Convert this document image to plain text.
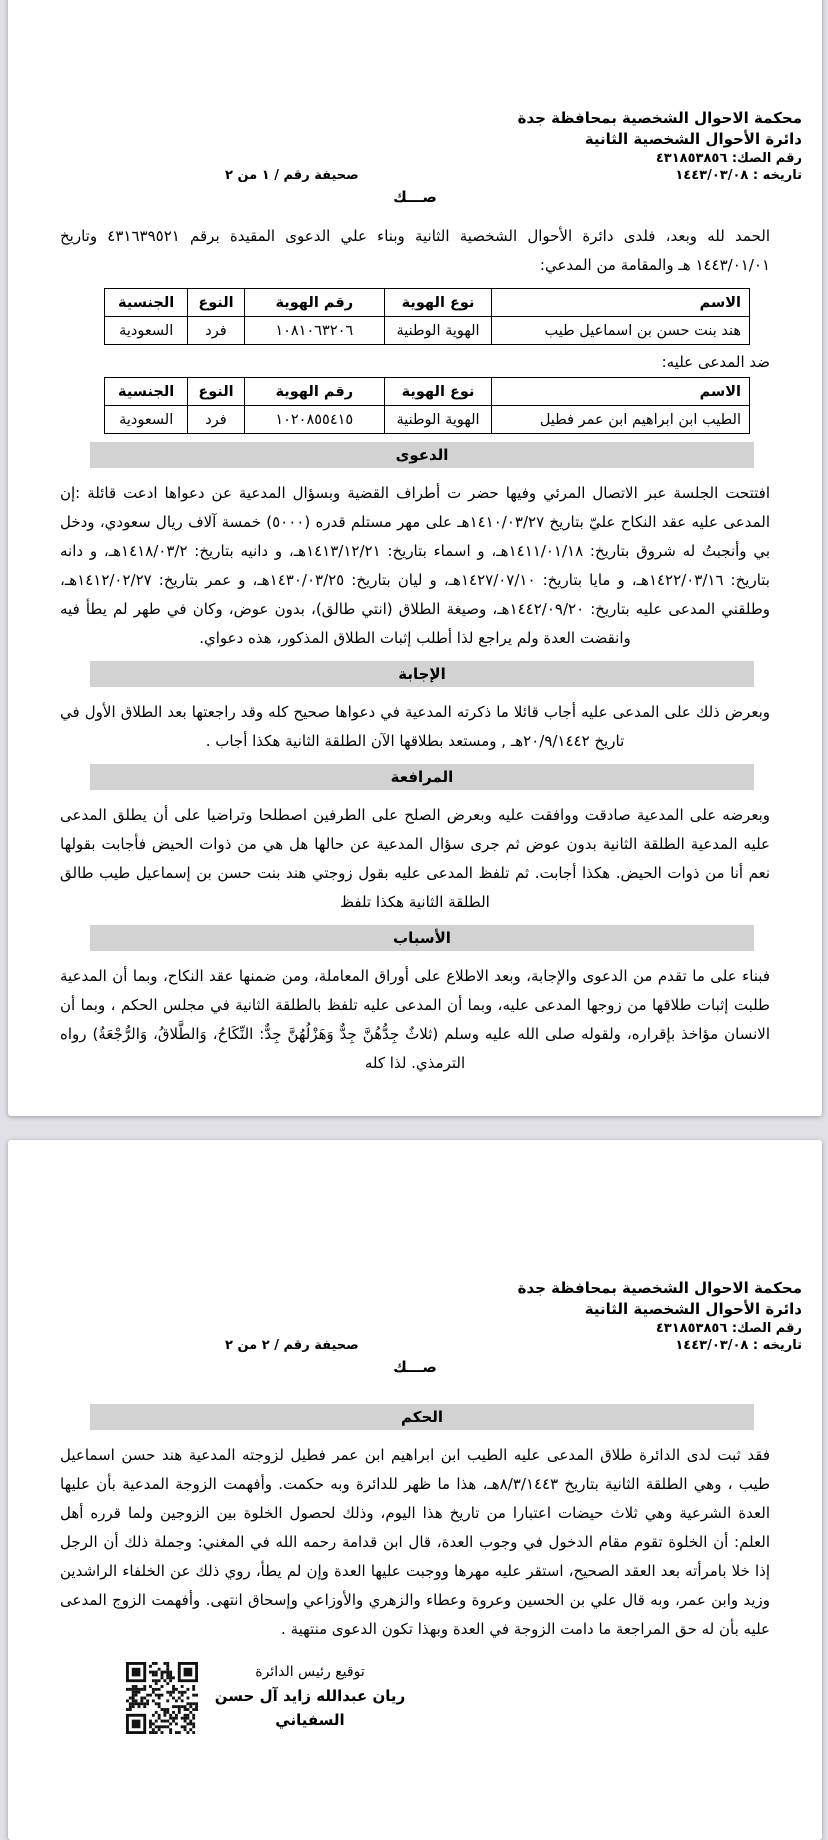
محكمة الاحوال الشخصية بمحافظة جدة
دائرة الأحوال الشخصية الثانية
رقم الصك: ٤٣١٨٥٣٨٥٦
تاريخه : ١٤٤٣/٠٣/٠٨
صحيفة رقم / ١ من ٢
صـــك

الحمد لله وبعد، فلدى دائرة الأحوال الشخصية الثانية وبناء علي الدعوى المقيدة برقم ٤٣١٦٣٩٥٢١ وتاريخ ١٤٤٣/٠١/٠١ هـ والمقامة من المدعي:

الاسم	نوع الهوية	رقم الهوية	النوع	الجنسية
هند بنت حسن بن اسماعيل طيب	الهوية الوطنية	١٠٨١٠٦٣٢٠٦	فرد	السعودية

ضد المدعى عليه:

الاسم	نوع الهوية	رقم الهوية	النوع	الجنسية
الطيب ابن ابراهيم ابن عمر فطيل	الهوية الوطنية	١٠٢٠٨٥٥٤١٥	فرد	السعودية
الدعوى

افتتحت الجلسة عبر الاتصال المرئي وفيها حضر ت أطراف القضية وبسؤال المدعية عن دعواها ادعت قائلة :إن المدعى عليه عقد النكاح عليّ بتاريخ ١٤١٠/٠٣/٢٧هـ على مهر مستلم قدره (٥٠٠٠) خمسة آلاف ريال سعودي، ودخل بي وأنجبتُ له شروق بتاريخ: ١٤١١/٠١/١٨هـ، و اسماء بتاريخ: ١٤١٣/١٢/٢١هـ، و دانيه بتاريخ: ١٤١٨/٠٣/٢هـ، و دانه بتاريخ: ١٤٢٢/٠٣/١٦هـ، و مايا بتاريخ: ١٤٢٧/٠٧/١٠هـ، و ليان بتاريخ: ١٤٣٠/٠٣/٢٥هـ، و عمر بتاريخ: ١٤١٢/٠٢/٢٧هـ، وطلقني المدعى عليه بتاريخ: ١٤٤٢/٠٩/٢٠هـ، وصيغة الطلاق (انتي طالق)، بدون عوض، وكان في طهر لم يطأ فيه وانقضت العدة ولم يراجع لذا أطلب إثبات الطلاق المذكور، هذه دعواي.

الإجابة

وبعرض ذلك على المدعى عليه أجاب قائلا ما ذكرته المدعية في دعواها صحيح كله وقد راجعتها بعد الطلاق الأول في تاريخ ٢٠/٩/١٤٤٢هـ , ومستعد بطلاقها الآن الطلقة الثانية هكذا أجاب .

المرافعة

وبعرضه على المدعية صادقت ووافقت عليه وبعرض الصلح على الطرفين اصطلحا وتراضيا على أن يطلق المدعى عليه المدعية الطلقة الثانية بدون عوض ثم جرى سؤال المدعية عن حالها هل هي من ذوات الحيض فأجابت بقولها نعم أنا من ذوات الحيض. هكذا أجابت. ثم تلفظ المدعى عليه بقول زوجتي هند بنت حسن بن إسماعيل طيب طالق الطلقة الثانية هكذا تلفظ

الأسباب

فبناء على ما تقدم من الدعوى والإجابة، وبعد الاطلاع على أوراق المعاملة، ومن ضمنها عقد النكاح، وبما أن المدعية طلبت إثبات طلاقها من زوجها المدعى عليه، وبما أن المدعى عليه تلفظ بالطلقة الثانية في مجلس الحكم ، وبما أن الانسان مؤاخذ بإقراره، ولقوله صلى الله عليه وسلم (ثلاثٌ جِدُّهُنَّ جِدٌّ وَهَزْلُهُنَّ جِدٌّ: النِّكَاحُ، وَالطَّلاقُ، وَالرُّجْعَةُ) رواه الترمذي. لذا كله

محكمة الاحوال الشخصية بمحافظة جدة
دائرة الأحوال الشخصية الثانية
رقم الصك: ٤٣١٨٥٣٨٥٦
تاريخه : ١٤٤٣/٠٣/٠٨
صحيفة رقم / ٢ من ٢
صـــك
الحكم

فقد ثبت لدى الدائرة طلاق المدعى عليه الطيب ابن ابراهيم ابن عمر فطيل لزوجته المدعية هند حسن اسماعيل طيب ، وهي الطلقة الثانية بتاريخ ٨/٣/١٤٤٣هـ، هذا ما ظهر للدائرة وبه حكمت. وأفهمت الزوجة المدعية بأن عليها العدة الشرعية وهي ثلاث حيضات اعتبارا من تاريخ هذا اليوم، وذلك لحصول الخلوة بين الزوجين ولما قرره أهل العلم: أن الخلوة تقوم مقام الدخول في وجوب العدة، قال ابن قدامة رحمه الله في المغني: وجملة ذلك أن الرجل إذا خلا بامرأته بعد العقد الصحيح، استقر عليه مهرها ووجبت عليها العدة وإن لم يطأ، روي ذلك عن الخلفاء الراشدين وزيد وابن عمر، وبه قال علي بن الحسين وعروة وعطاء والزهري والأوزاعي وإسحاق انتهى. وأفهمت الزوج المدعى عليه بأن له حق المراجعة ما دامت الزوجة في العدة وبهذا تكون الدعوى منتهية .

توقيع رئيس الدائرة
ريان عبدالله زايد آل حسن
السفياني
